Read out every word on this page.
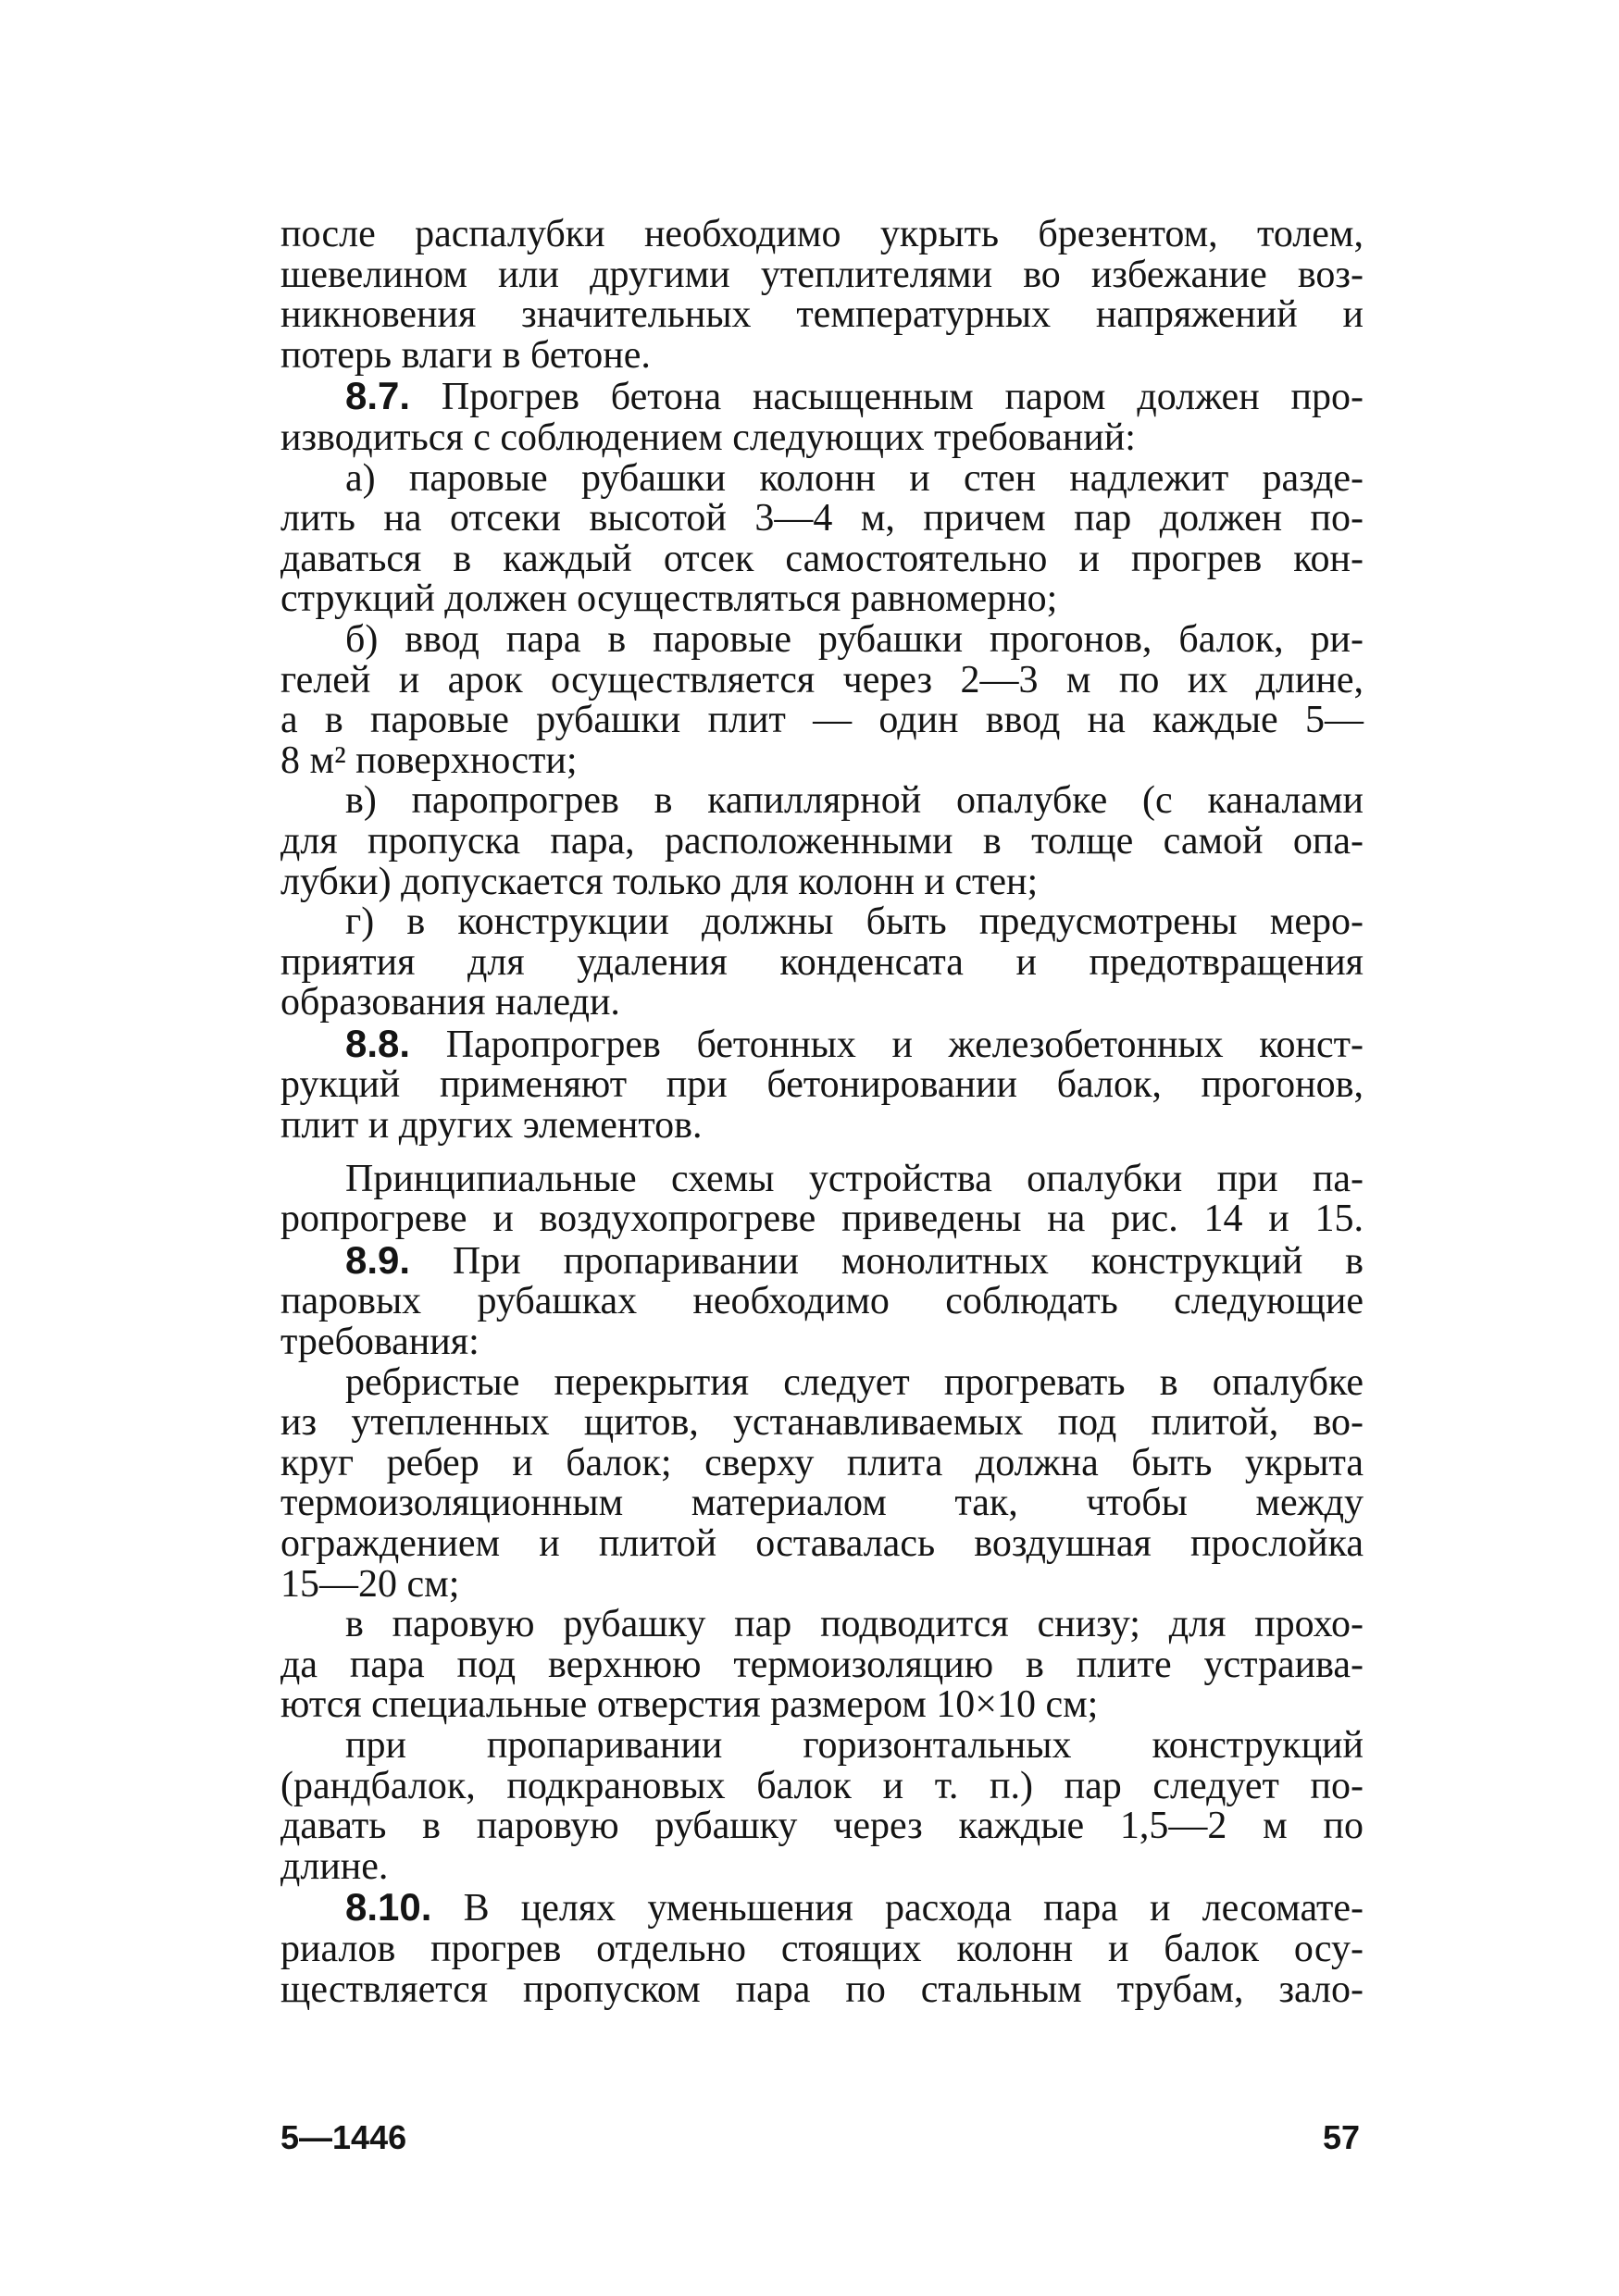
после распалубки необходимо укрыть брезентом, толем,
шевелином или другими утеплителями во избежание воз-
никновения значительных температурных напряжений и
потерь влаги в бетоне.
8.7. Прогрев бетона насыщенным паром должен про-
изводиться с соблюдением следующих требований:
а) паровые рубашки колонн и стен надлежит разде-
лить на отсеки высотой 3—4 м, причем пар должен по-
даваться в каждый отсек самостоятельно и прогрев кон-
струкций должен осуществляться равномерно;
б) ввод пара в паровые рубашки прогонов, балок, ри-
гелей и арок осуществляется через 2—3 м по их длине,
а в паровые рубашки плит — один ввод на каждые 5—
8 м² поверхности;
в) паропрогрев в капиллярной опалубке (с каналами
для пропуска пара, расположенными в толще самой опа-
лубки) допускается только для колонн и стен;
г) в конструкции должны быть предусмотрены меро-
приятия для удаления конденсата и предотвращения
образования наледи.
8.8. Паропрогрев бетонных и железобетонных конст-
рукций применяют при бетонировании балок, прогонов,
плит и других элементов.
Принципиальные схемы устройства опалубки при па-
ропрогреве и воздухопрогреве приведены на рис. 14 и 15.
8.9. При пропаривании монолитных конструкций в
паровых рубашках необходимо соблюдать следующие
требования:
ребристые перекрытия следует прогревать в опалубке
из утепленных щитов, устанавливаемых под плитой, во-
круг ребер и балок; сверху плита должна быть укрыта
термоизоляционным материалом так, чтобы между
ограждением и плитой оставалась воздушная прослойка
15—20 см;
в паровую рубашку пар подводится снизу; для прохо-
да пара под верхнюю термоизоляцию в плите устраива-
ются специальные отверстия размером 10×10 см;
при пропаривании горизонтальных конструкций
(рандбалок, подкрановых балок и т. п.) пар следует по-
давать в паровую рубашку через каждые 1,5—2 м по
длине.
8.10. В целях уменьшения расхода пара и лесомате-
риалов прогрев отдельно стоящих колонн и балок осу-
ществляется пропуском пара по стальным трубам, зало-
5—1446	57
